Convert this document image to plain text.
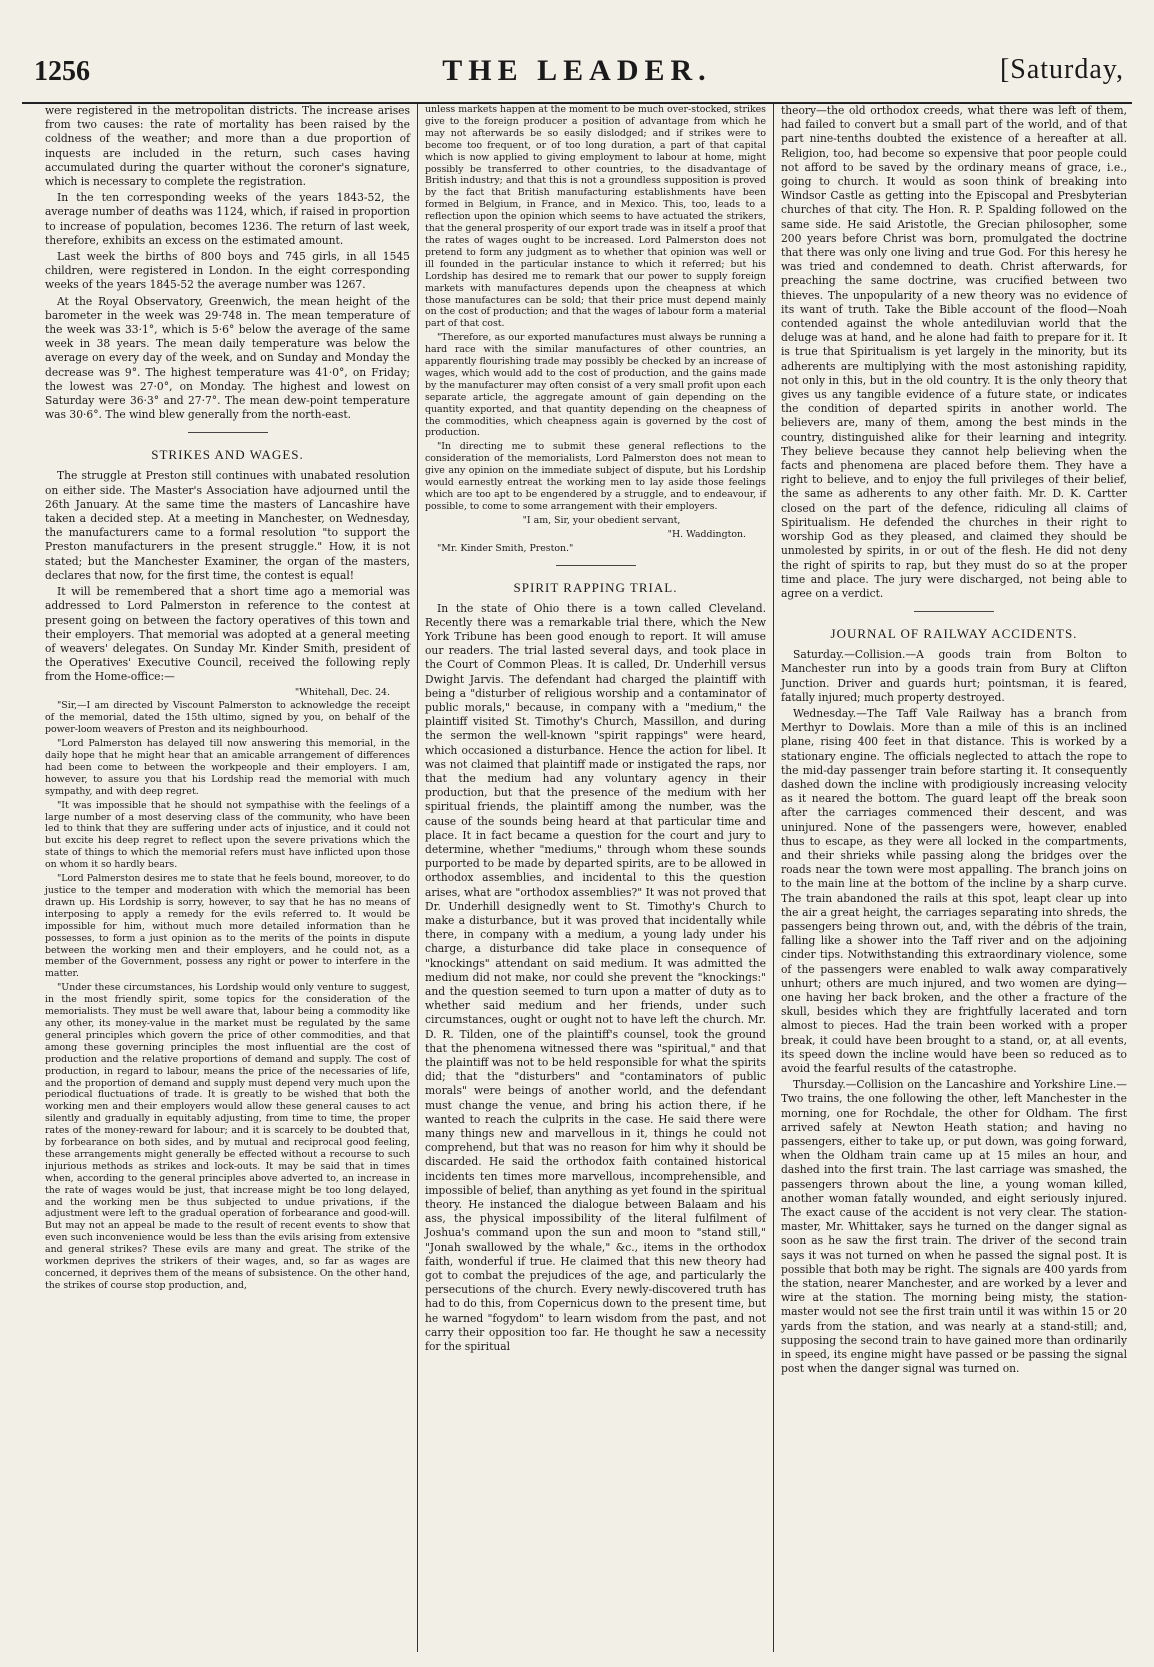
1256	THE LEADER.	[Saturday,

were registered in the metropolitan districts. The increase arises from two causes: the rate of mortality has been raised by the coldness of the weather; and more than a due proportion of inquests are included in the return, such cases having accumulated during the quarter without the coroner's signature, which is necessary to complete the registration.

In the ten corresponding weeks of the years 1843-52, the average number of deaths was 1124, which, if raised in proportion to increase of population, becomes 1236. The return of last week, therefore, exhibits an excess on the estimated amount.

Last week the births of 800 boys and 745 girls, in all 1545 children, were registered in London. In the eight corresponding weeks of the years 1845-52 the average number was 1267.

At the Royal Observatory, Greenwich, the mean height of the barometer in the week was 29·748 in. The mean temperature of the week was 33·1°, which is 5·6° below the average of the same week in 38 years. The mean daily temperature was below the average on every day of the week, and on Sunday and Monday the decrease was 9°. The highest temperature was 41·0°, on Friday; the lowest was 27·0°, on Monday. The highest and lowest on Saturday were 36·3° and 27·7°. The mean dew-point temperature was 30·6°. The wind blew generally from the north-east.

STRIKES AND WAGES.

The struggle at Preston still continues with unabated resolution on either side. The Master's Association have adjourned until the 26th January. At the same time the masters of Lancashire have taken a decided step. At a meeting in Manchester, on Wednesday, the manufacturers came to a formal resolution "to support the Preston manufacturers in the present struggle." How, it is not stated; but the Manchester Examiner, the organ of the masters, declares that now, for the first time, the contest is equal!

It will be remembered that a short time ago a memorial was addressed to Lord Palmerston in reference to the contest at present going on between the factory operatives of this town and their employers. That memorial was adopted at a general meeting of weavers' delegates. On Sunday Mr. Kinder Smith, president of the Operatives' Executive Council, received the following reply from the Home-office:—

"Whitehall, Dec. 24.

"Sir,—I am directed by Viscount Palmerston to acknowledge the receipt of the memorial, dated the 15th ultimo, signed by you, on behalf of the power-loom weavers of Preston and its neighbourhood.

"Lord Palmerston has delayed till now answering this memorial, in the daily hope that he might hear that an amicable arrangement of differences had been come to between the workpeople and their employers. I am, however, to assure you that his Lordship read the memorial with much sympathy, and with deep regret.

"It was impossible that he should not sympathise with the feelings of a large number of a most deserving class of the community, who have been led to think that they are suffering under acts of injustice, and it could not but excite his deep regret to reflect upon the severe privations which the state of things to which the memorial refers must have inflicted upon those on whom it so hardly bears.

"Lord Palmerston desires me to state that he feels bound, moreover, to do justice to the temper and moderation with which the memorial has been drawn up. His Lordship is sorry, however, to say that he has no means of interposing to apply a remedy for the evils referred to. It would be impossible for him, without much more detailed information than he possesses, to form a just opinion as to the merits of the points in dispute between the working men and their employers, and he could not, as a member of the Government, possess any right or power to interfere in the matter.

"Under these circumstances, his Lordship would only venture to suggest, in the most friendly spirit, some topics for the consideration of the memorialists. They must be well aware that, labour being a commodity like any other, its money-value in the market must be regulated by the same general principles which govern the price of other commodities, and that among these governing principles the most influential are the cost of production and the relative proportions of demand and supply. The cost of production, in regard to labour, means the price of the necessaries of life, and the proportion of demand and supply must depend very much upon the periodical fluctuations of trade. It is greatly to be wished that both the working men and their employers would allow these general causes to act silently and gradually in equitably adjusting, from time to time, the proper rates of the money-reward for labour; and it is scarcely to be doubted that, by forbearance on both sides, and by mutual and reciprocal good feeling, these arrangements might generally be effected without a recourse to such injurious methods as strikes and lock-outs. It may be said that in times when, according to the general principles above adverted to, an increase in the rate of wages would be just, that increase might be too long delayed, and the working men be thus subjected to undue privations, if the adjustment were left to the gradual operation of forbearance and good-will. But may not an appeal be made to the result of recent events to show that even such inconvenience would be less than the evils arising from extensive and general strikes? These evils are many and great. The strike of the workmen deprives the strikers of their wages, and, so far as wages are concerned, it deprives them of the means of subsistence. On the other hand, the strikes of course stop production, and,

unless markets happen at the moment to be much over-stocked, strikes give to the foreign producer a position of advantage from which he may not afterwards be so easily dislodged; and if strikes were to become too frequent, or of too long duration, a part of that capital which is now applied to giving employment to labour at home, might possibly be transferred to other countries, to the disadvantage of British industry; and that this is not a groundless supposition is proved by the fact that British manufacturing establishments have been formed in Belgium, in France, and in Mexico. This, too, leads to a reflection upon the opinion which seems to have actuated the strikers, that the general prosperity of our export trade was in itself a proof that the rates of wages ought to be increased. Lord Palmerston does not pretend to form any judgment as to whether that opinion was well or ill founded in the particular instance to which it referred; but his Lordship has desired me to remark that our power to supply foreign markets with manufactures depends upon the cheapness at which those manufactures can be sold; that their price must depend mainly on the cost of production; and that the wages of labour form a material part of that cost.

"Therefore, as our exported manufactures must always be running a hard race with the similar manufactures of other countries, an apparently flourishing trade may possibly be checked by an increase of wages, which would add to the cost of production, and the gains made by the manufacturer may often consist of a very small profit upon each separate article, the aggregate amount of gain depending on the quantity exported, and that quantity depending on the cheapness of the commodities, which cheapness again is governed by the cost of production.

"In directing me to submit these general reflections to the consideration of the memorialists, Lord Palmerston does not mean to give any opinion on the immediate subject of dispute, but his Lordship would earnestly entreat the working men to lay aside those feelings which are too apt to be engendered by a struggle, and to endeavour, if possible, to come to some arrangement with their employers.

"I am, Sir, your obedient servant,

"H. Waddington.

"Mr. Kinder Smith, Preston."

SPIRIT RAPPING TRIAL.

In the state of Ohio there is a town called Cleveland. Recently there was a remarkable trial there, which the New York Tribune has been good enough to report. It will amuse our readers. The trial lasted several days, and took place in the Court of Common Pleas. It is called, Dr. Underhill versus Dwight Jarvis. The defendant had charged the plaintiff with being a "disturber of religious worship and a contaminator of public morals," because, in company with a "medium," the plaintiff visited St. Timothy's Church, Massillon, and during the sermon the well-known "spirit rappings" were heard, which occasioned a disturbance. Hence the action for libel. It was not claimed that plaintiff made or instigated the raps, nor that the medium had any voluntary agency in their production, but that the presence of the medium with her spiritual friends, the plaintiff among the number, was the cause of the sounds being heard at that particular time and place. It in fact became a question for the court and jury to determine, whether "mediums," through whom these sounds purported to be made by departed spirits, are to be allowed in orthodox assemblies, and incidental to this the question arises, what are "orthodox assemblies?" It was not proved that Dr. Underhill designedly went to St. Timothy's Church to make a disturbance, but it was proved that incidentally while there, in company with a medium, a young lady under his charge, a disturbance did take place in consequence of "knockings" attendant on said medium. It was admitted the medium did not make, nor could she prevent the "knockings:" and the question seemed to turn upon a matter of duty as to whether said medium and her friends, under such circumstances, ought or ought not to have left the church. Mr. D. R. Tilden, one of the plaintiff's counsel, took the ground that the phenomena witnessed there was "spiritual," and that the plaintiff was not to be held responsible for what the spirits did; that the "disturbers" and "contaminators of public morals" were beings of another world, and the defendant must change the venue, and bring his action there, if he wanted to reach the culprits in the case. He said there were many things new and marvellous in it, things he could not comprehend, but that was no reason for him why it should be discarded. He said the orthodox faith contained historical incidents ten times more marvellous, incomprehensible, and impossible of belief, than anything as yet found in the spiritual theory. He instanced the dialogue between Balaam and his ass, the physical impossibility of the literal fulfilment of Joshua's command upon the sun and moon to "stand still," "Jonah swallowed by the whale," &c., items in the orthodox faith, wonderful if true. He claimed that this new theory had got to combat the prejudices of the age, and particularly the persecutions of the church. Every newly-discovered truth has had to do this, from Copernicus down to the present time, but he warned "fogydom" to learn wisdom from the past, and not carry their opposition too far. He thought he saw a necessity for the spiritual

theory—the old orthodox creeds, what there was left of them, had failed to convert but a small part of the world, and of that part nine-tenths doubted the existence of a hereafter at all. Religion, too, had become so expensive that poor people could not afford to be saved by the ordinary means of grace, i.e., going to church. It would as soon think of breaking into Windsor Castle as getting into the Episcopal and Presbyterian churches of that city. The Hon. R. P. Spalding followed on the same side. He said Aristotle, the Grecian philosopher, some 200 years before Christ was born, promulgated the doctrine that there was only one living and true God. For this heresy he was tried and condemned to death. Christ afterwards, for preaching the same doctrine, was crucified between two thieves. The unpopularity of a new theory was no evidence of its want of truth. Take the Bible account of the flood—Noah contended against the whole antediluvian world that the deluge was at hand, and he alone had faith to prepare for it. It is true that Spiritualism is yet largely in the minority, but its adherents are multiplying with the most astonishing rapidity, not only in this, but in the old country. It is the only theory that gives us any tangible evidence of a future state, or indicates the condition of departed spirits in another world. The believers are, many of them, among the best minds in the country, distinguished alike for their learning and integrity. They believe because they cannot help believing when the facts and phenomena are placed before them. They have a right to believe, and to enjoy the full privileges of their belief, the same as adherents to any other faith. Mr. D. K. Cartter closed on the part of the defence, ridiculing all claims of Spiritualism. He defended the churches in their right to worship God as they pleased, and claimed they should be unmolested by spirits, in or out of the flesh. He did not deny the right of spirits to rap, but they must do so at the proper time and place. The jury were discharged, not being able to agree on a verdict.

JOURNAL OF RAILWAY ACCIDENTS.

Saturday.—Collision.—A goods train from Bolton to Manchester run into by a goods train from Bury at Clifton Junction. Driver and guards hurt; pointsman, it is feared, fatally injured; much property destroyed.

Wednesday.—The Taff Vale Railway has a branch from Merthyr to Dowlais. More than a mile of this is an inclined plane, rising 400 feet in that distance. This is worked by a stationary engine. The officials neglected to attach the rope to the mid-day passenger train before starting it. It consequently dashed down the incline with prodigiously increasing velocity as it neared the bottom. The guard leapt off the break soon after the carriages commenced their descent, and was uninjured. None of the passengers were, however, enabled thus to escape, as they were all locked in the compartments, and their shrieks while passing along the bridges over the roads near the town were most appalling. The branch joins on to the main line at the bottom of the incline by a sharp curve. The train abandoned the rails at this spot, leapt clear up into the air a great height, the carriages separating into shreds, the passengers being thrown out, and, with the débris of the train, falling like a shower into the Taff river and on the adjoining cinder tips. Notwithstanding this extraordinary violence, some of the passengers were enabled to walk away comparatively unhurt; others are much injured, and two women are dying—one having her back broken, and the other a fracture of the skull, besides which they are frightfully lacerated and torn almost to pieces. Had the train been worked with a proper break, it could have been brought to a stand, or, at all events, its speed down the incline would have been so reduced as to avoid the fearful results of the catastrophe.

Thursday.—Collision on the Lancashire and Yorkshire Line.—Two trains, the one following the other, left Manchester in the morning, one for Rochdale, the other for Oldham. The first arrived safely at Newton Heath station; and having no passengers, either to take up, or put down, was going forward, when the Oldham train came up at 15 miles an hour, and dashed into the first train. The last carriage was smashed, the passengers thrown about the line, a young woman killed, another woman fatally wounded, and eight seriously injured. The exact cause of the accident is not very clear. The station-master, Mr. Whittaker, says he turned on the danger signal as soon as he saw the first train. The driver of the second train says it was not turned on when he passed the signal post. It is possible that both may be right. The signals are 400 yards from the station, nearer Manchester, and are worked by a lever and wire at the station. The morning being misty, the station-master would not see the first train until it was within 15 or 20 yards from the station, and was nearly at a stand-still; and, supposing the second train to have gained more than ordinarily in speed, its engine might have passed or be passing the signal post when the danger signal was turned on.
